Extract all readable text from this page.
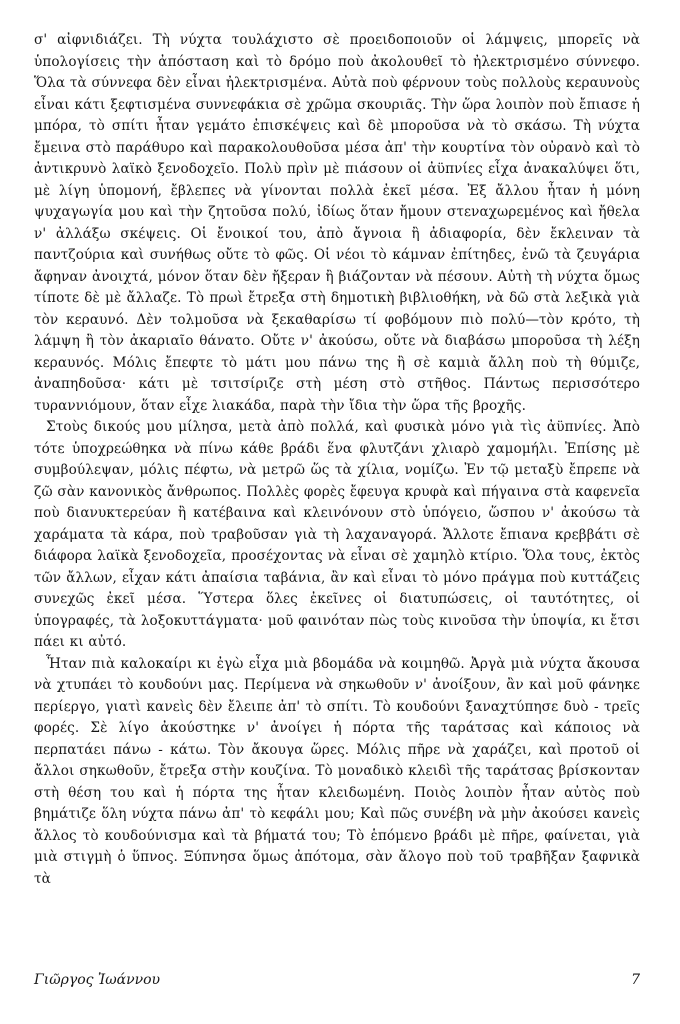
σ' αἰφνιδιάζει. Τὴ νύχτα τουλάχιστο σὲ προειδοποιοῦν οἱ λάμψεις, μπορεῖς νὰ ὑπολογίσεις τὴν ἀπόσταση καὶ τὸ δρόμο ποὺ ἀκολουθεῖ τὸ ἠλεκτρισμένο σύννεφο. Ὅλα τὰ σύννεφα δὲν εἶναι ἠλεκτρισμένα. Αὐτὰ ποὺ φέρνουν τοὺς πολλοὺς κεραυνοὺς εἶναι κάτι ξεφτισμένα συννεφάκια σὲ χρῶμα σκουριᾶς. Τὴν ὥρα λοιπὸν ποὺ ἔπιασε ἡ μπόρα, τὸ σπίτι ἦταν γεμάτο ἐπισκέψεις καὶ δὲ μποροῦσα νὰ τὸ σκάσω. Τὴ νύχτα ἔμεινα στὸ παράθυρο καὶ παρακολουθοῦσα μέσα ἀπ' τὴν κουρτίνα τὸν οὐρανὸ καὶ τὸ ἀντικρυνὸ λαϊκὸ ξενοδοχεῖο. Πολὺ πρὶν μὲ πιάσουν οἱ ἀϋπνίες εἶχα ἀνακαλύψει ὅτι, μὲ λίγη ὑπομονή, ἔβλεπες νὰ γίνονται πολλὰ ἐκεῖ μέσα. Ἐξ ἄλλου ἦταν ἡ μόνη ψυχαγωγία μου καὶ τὴν ζητοῦσα πολύ, ἰδίως ὅταν ἤμουν στεναχωρεμένος καὶ ἤθελα ν' ἀλλάξω σκέψεις. Οἱ ἔνοικοί του, ἀπὸ ἄγνοια ἢ ἀδιαφορία, δὲν ἔκλειναν τὰ παντζούρια καὶ συνήθως οὔτε τὸ φῶς. Οἱ νέοι τὸ κάμναν ἐπίτηδες, ἐνῶ τὰ ζευγάρια ἄφηναν ἀνοιχτά, μόνον ὅταν δὲν ἤξεραν ἢ βιάζονταν νὰ πέσουν. Αὐτὴ τὴ νύχτα ὅμως τίποτε δὲ μὲ ἄλλαζε. Τὸ πρωὶ ἔτρεξα στὴ δημοτικὴ βιβλιοθήκη, νὰ δῶ στὰ λεξικὰ γιὰ τὸν κεραυνό. Δὲν τολμοῦσα νὰ ξεκαθαρίσω τί φοβόμουν πιὸ πολύ—τὸν κρότο, τὴ λάμψη ἢ τὸν ἀκαριαῖο θάνατο. Οὔτε ν' ἀκούσω, οὔτε νὰ διαβάσω μποροῦσα τὴ λέξη κεραυνός. Μόλις ἔπεφτε τὸ μάτι μου πάνω της ἢ σὲ καμιὰ ἄλλη ποὺ τὴ θύμιζε, ἀναπηδοῦσα· κάτι μὲ τσιτσίριζε στὴ μέση στὸ στῆθος. Πάντως περισσότερο τυραννιόμουν, ὅταν εἶχε λιακάδα, παρὰ τὴν ἴδια τὴν ὥρα τῆς βροχῆς.

Στοὺς δικούς μου μίλησα, μετὰ ἀπὸ πολλά, καὶ φυσικὰ μόνο γιὰ τὶς ἀϋπνίες. Ἀπὸ τότε ὑποχρεώθηκα νὰ πίνω κάθε βράδι ἕνα φλυτζάνι χλιαρὸ χαμομήλι. Ἐπίσης μὲ συμβούλεψαν, μόλις πέφτω, νὰ μετρῶ ὥς τὰ χίλια, νομίζω. Ἐν τῷ μεταξὺ ἔπρεπε νὰ ζῶ σὰν κανονικὸς ἄνθρωπος. Πολλὲς φορὲς ἔφευγα κρυφὰ καὶ πήγαινα στὰ καφενεῖα ποὺ διανυκτερεύαν ἢ κατέβαινα καὶ κλεινόνουν στὸ ὑπόγειο, ὥσπου ν' ἀκούσω τὰ χαράματα τὰ κάρα, ποὺ τραβοῦσαν γιὰ τὴ λαχαναγορά. Ἄλλοτε ἔπιανα κρεββάτι σὲ διάφορα λαϊκὰ ξενοδοχεῖα, προσέχοντας νὰ εἶναι σὲ χαμηλὸ κτίριο. Ὅλα τους, ἐκτὸς τῶν ἄλλων, εἶχαν κάτι ἀπαίσια ταβάνια, ἂν καὶ εἶναι τὸ μόνο πράγμα ποὺ κυττάζεις συνεχῶς ἐκεῖ μέσα. Ὕστερα ὅλες ἐκεῖνες οἱ διατυπώσεις, οἱ ταυτότητες, οἱ ὑπογραφές, τὰ λοξοκυττάγματα· μοῦ φαινόταν πὼς τοὺς κινοῦσα τὴν ὑποψία, κι ἔτσι πάει κι αὐτό.

Ἦταν πιὰ καλοκαίρι κι ἐγὼ εἶχα μιὰ βδομάδα νὰ κοιμηθῶ. Ἀργὰ μιὰ νύχτα ἄκουσα νὰ χτυπάει τὸ κουδούνι μας. Περίμενα νὰ σηκωθοῦν ν' ἀνοίξουν, ἂν καὶ μοῦ φάνηκε περίεργο, γιατὶ κανεὶς δὲν ἔλειπε ἀπ' τὸ σπίτι. Τὸ κουδούνι ξαναχτύπησε δυὸ - τρεῖς φορές. Σὲ λίγο ἀκούστηκε ν' ἀνοίγει ἡ πόρτα τῆς ταράτσας καὶ κάποιος νὰ περπατάει πάνω - κάτω. Τὸν ἄκουγα ὥρες. Μόλις πῆρε νὰ χαράζει, καὶ προτοῦ οἱ ἄλλοι σηκωθοῦν, ἔτρεξα στὴν κουζίνα. Τὸ μοναδικὸ κλειδὶ τῆς ταράτσας βρίσκονταν στὴ θέση του καὶ ἡ πόρτα της ἦταν κλειδωμένη. Ποιὸς λοιπὸν ἦταν αὐτὸς ποὺ βημάτιζε ὅλη νύχτα πάνω ἀπ' τὸ κεφάλι μου; Καὶ πῶς συνέβη νὰ μὴν ἀκούσει κανεὶς ἄλλος τὸ κουδούνισμα καὶ τὰ βήματά του; Τὸ ἑπόμενο βράδι μὲ πῆρε, φαίνεται, γιὰ μιὰ στιγμὴ ὁ ὕπνος. Ξύπνησα ὅμως ἀπότομα, σὰν ἄλογο ποὺ τοῦ τραβῆξαν ξαφνικὰ τὰ

Γιῶργος Ἰωάννου	7
